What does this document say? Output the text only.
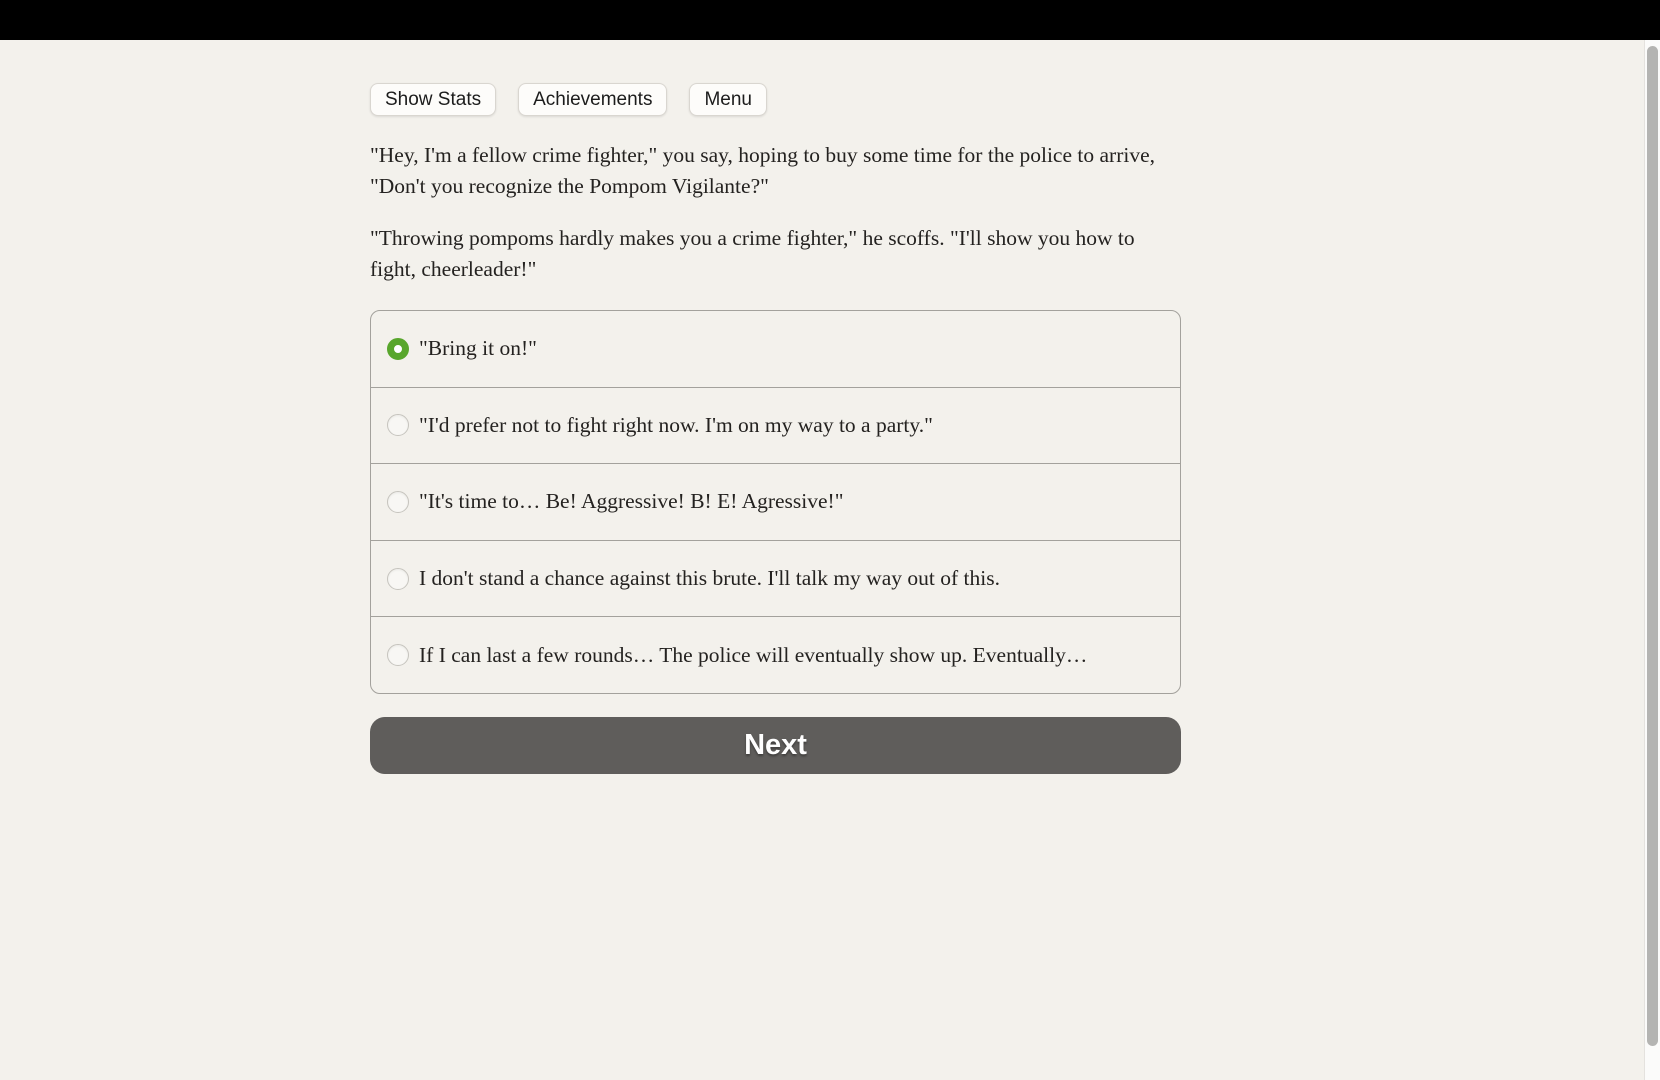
Show Stats	Achievements	Menu

"Hey, I'm a fellow crime fighter," you say, hoping to buy some time for the police to arrive, "Don't you recognize the Pompom Vigilante?"

"Throwing pompoms hardly makes you a crime fighter," he scoffs. "I'll show you how to fight, cheerleader!"

"Bring it on!"
"I'd prefer not to fight right now. I'm on my way to a party."
"It's time to… Be! Aggressive! B! E! Agressive!"
I don't stand a chance against this brute. I'll talk my way out of this.
If I can last a few rounds… The police will eventually show up. Eventually…
Next
